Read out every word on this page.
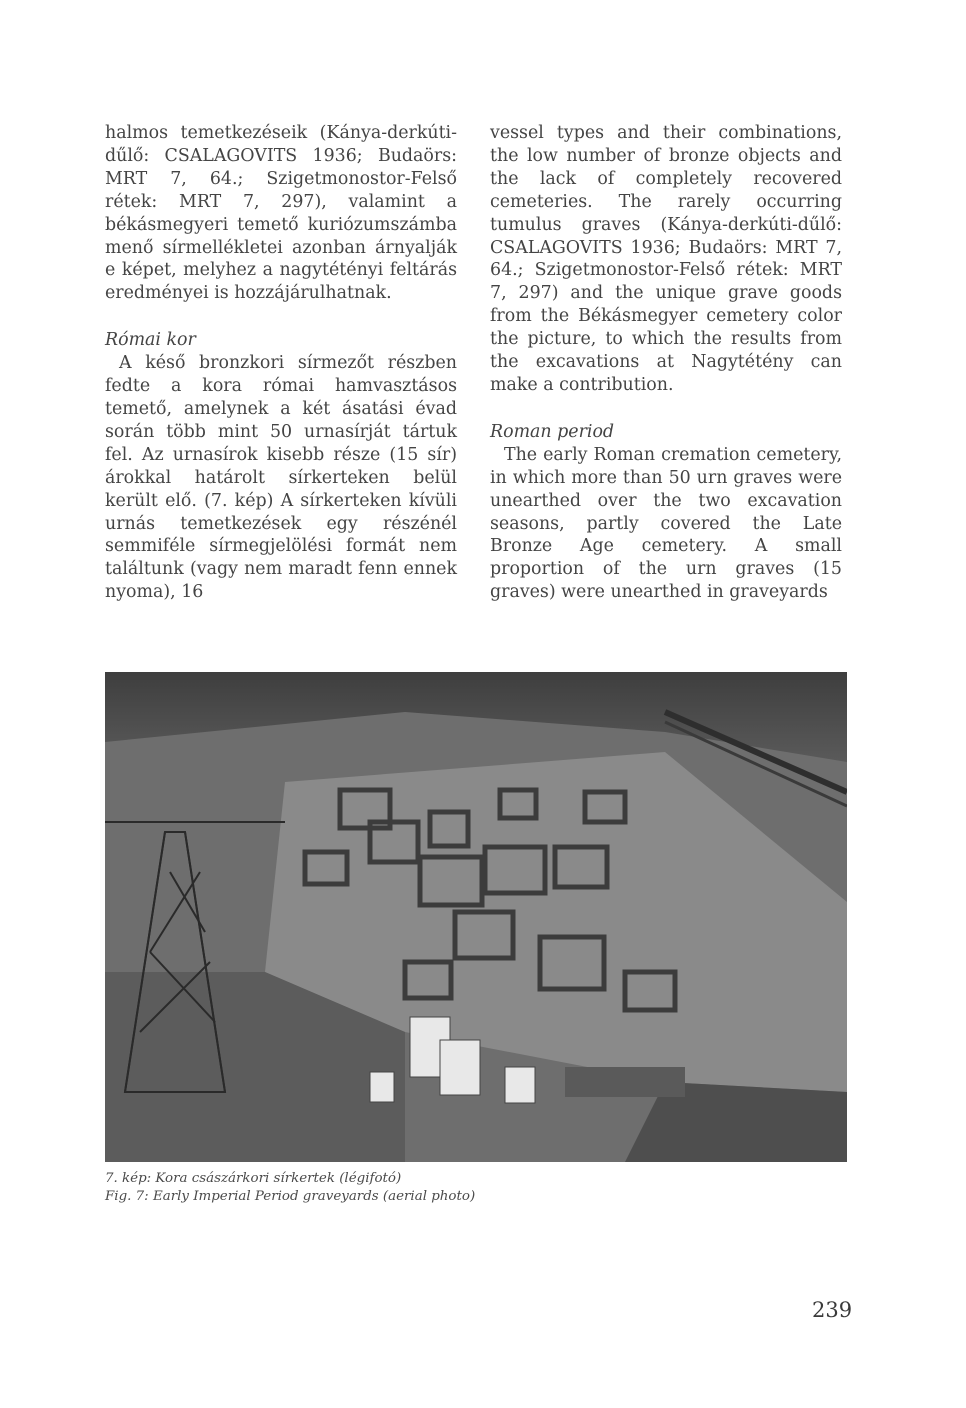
halmos temetkezéseik (Kánya-derkúti-dűlő: CSALAGOVITS 1936; Budaörs: MRT 7, 64.; Szigetmonostor-Felső rétek: MRT 7, 297), valamint a békásmegyeri temető kuriózumszámba menő sírmellékletei azonban árnyalják e képet, melyhez a nagytétényi feltárás eredményei is hozzájárulhatnak.

Római kor

A késő bronzkori sírmezőt részben fedte a kora római hamvasztásos temető, amelynek a két ásatási évad során több mint 50 urnasírját tártuk fel. Az urnasírok kisebb része (15 sír) árokkal határolt sírkerteken belül került elő. (7. kép) A sírkerteken kívüli urnás temetkezések egy részénél semmiféle sírmegjelölési formát nem találtunk (vagy nem maradt fenn ennek nyoma), 16

vessel types and their combinations, the low number of bronze objects and the lack of completely recovered cemeteries. The rarely occurring tumulus graves (Kánya-derkúti-dűlő: CSALAGOVITS 1936; Budaörs: MRT 7, 64.; Szigetmonostor-Felső rétek: MRT 7, 297) and the unique grave goods from the Békásmegyer cemetery color the picture, to which the results from the excavations at Nagytétény can make a contribution.

Roman period

The early Roman cremation cemetery, in which more than 50 urn graves were unearthed over the two excavation seasons, partly covered the Late Bronze Age cemetery. A small proportion of the urn graves (15 graves) were unearthed in graveyards

7. kép: Kora császárkori sírkertek (légifotó)
Fig. 7: Early Imperial Period graveyards (aerial photo)
239
